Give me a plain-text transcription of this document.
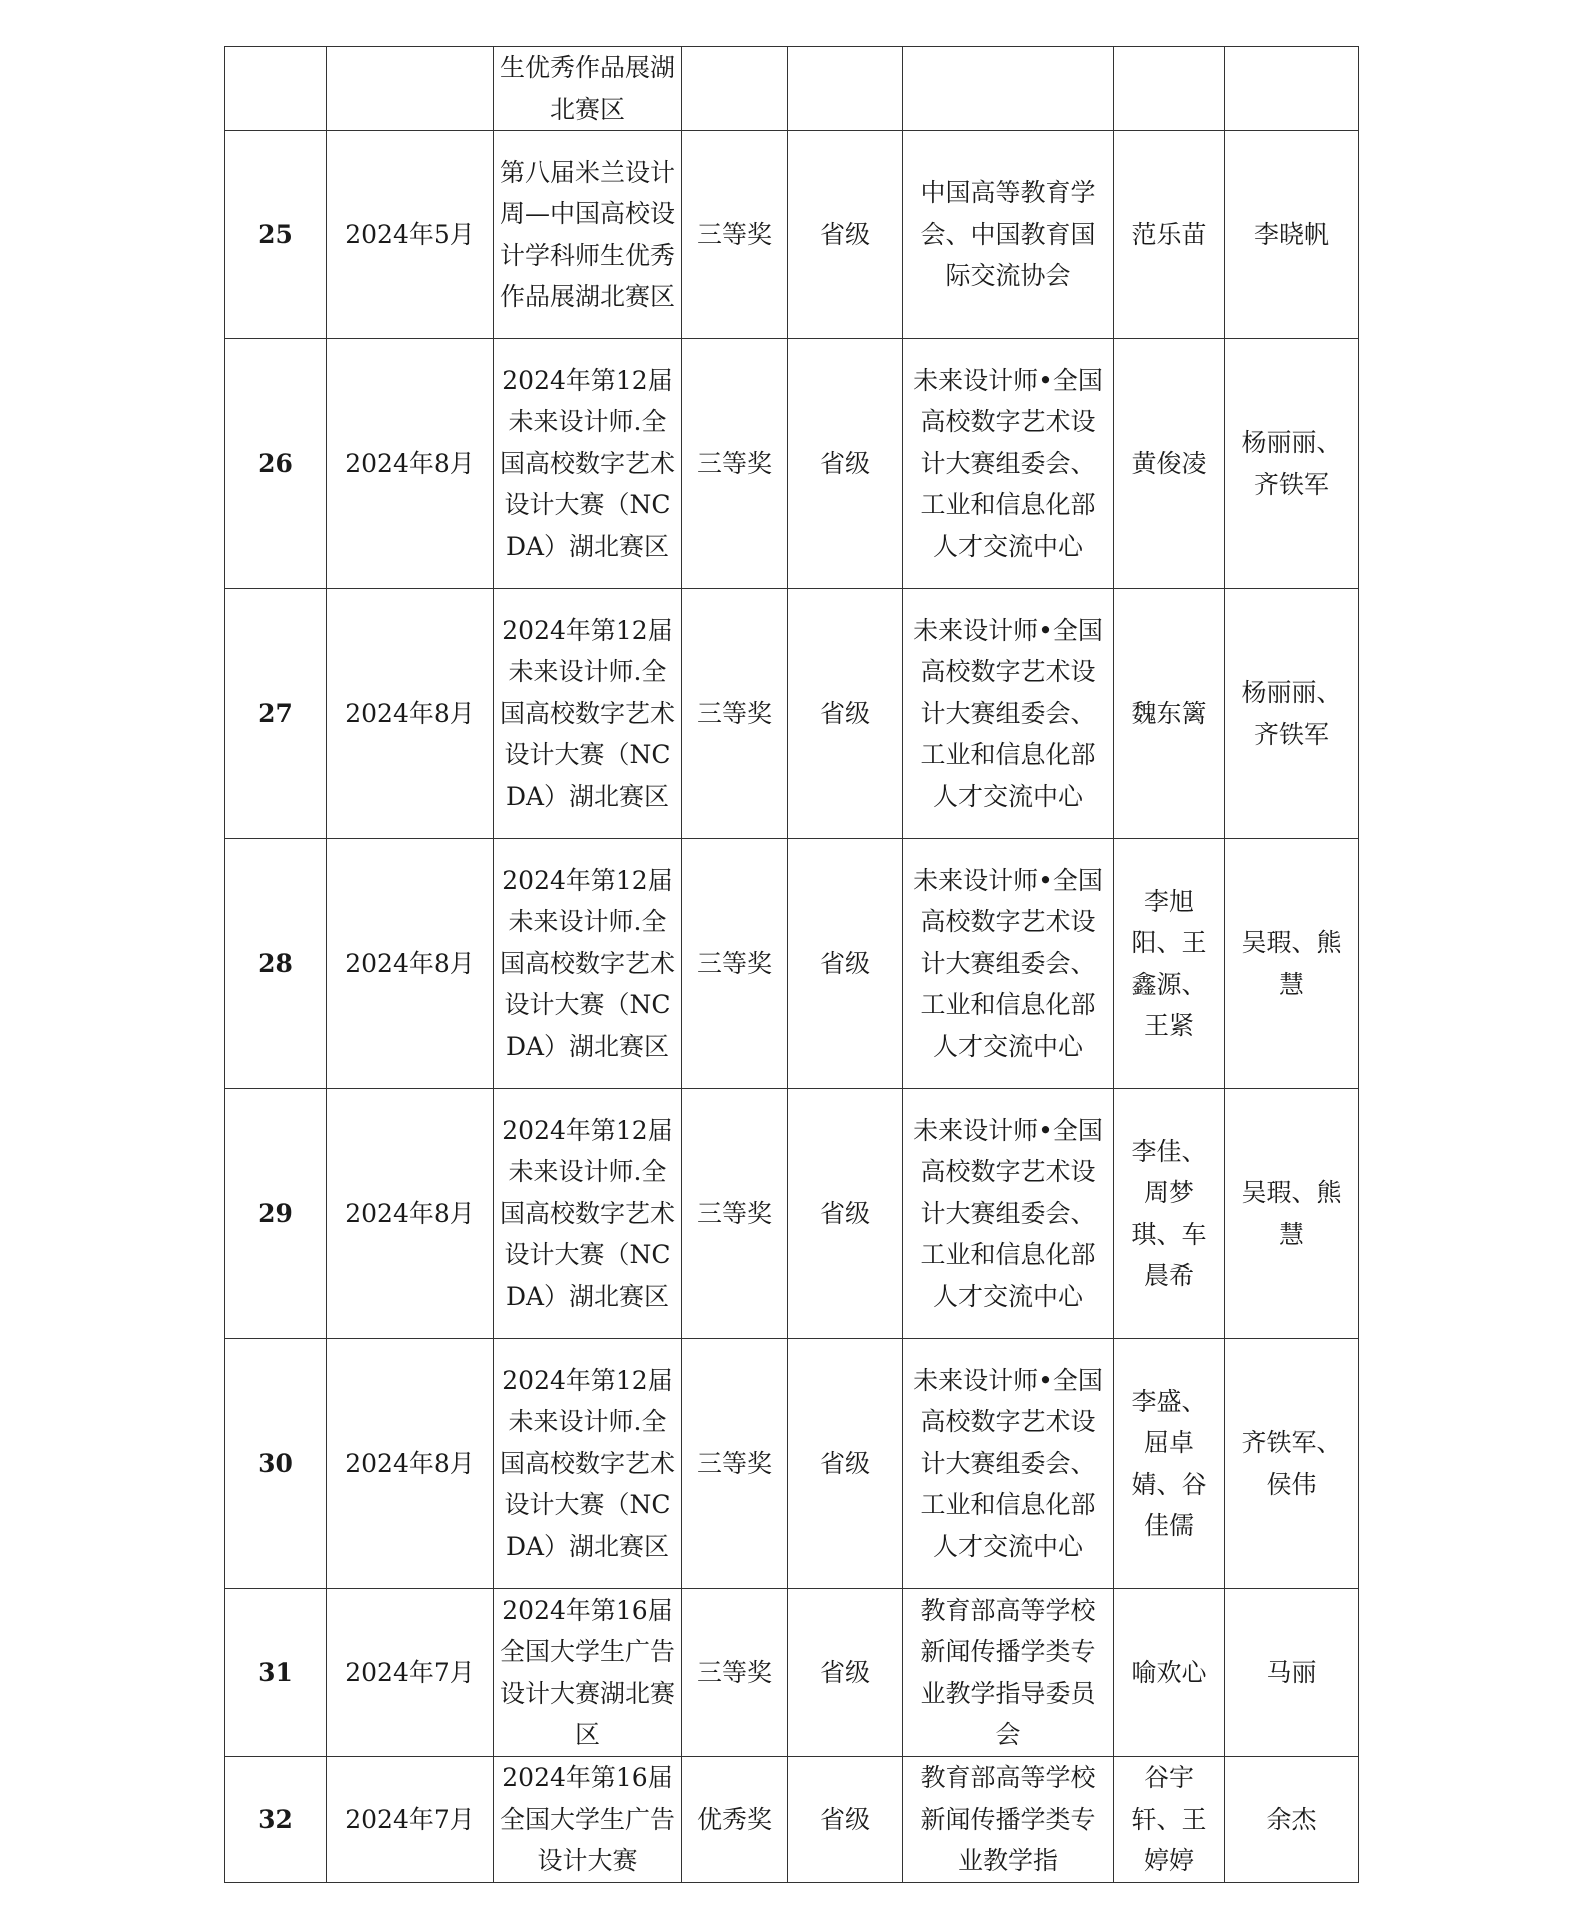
		生优秀作品展湖北赛区					
25	2024年5月	第八届米兰设计周—中国高校设计学科师生优秀作品展湖北赛区	三等奖	省级	中国高等教育学会、中国教育国际交流协会	范乐苗	李晓帆
26	2024年8月	2024年第12届未来设计师.全国高校数字艺术设计大赛（NCDA）湖北赛区	三等奖	省级	未来设计师•全国高校数字艺术设计大赛组委会、工业和信息化部人才交流中心	黄俊凌	杨丽丽、齐铁军
27	2024年8月	2024年第12届未来设计师.全国高校数字艺术设计大赛（NCDA）湖北赛区	三等奖	省级	未来设计师•全国高校数字艺术设计大赛组委会、工业和信息化部人才交流中心	魏东篱	杨丽丽、齐铁军
28	2024年8月	2024年第12届未来设计师.全国高校数字艺术设计大赛（NCDA）湖北赛区	三等奖	省级	未来设计师•全国高校数字艺术设计大赛组委会、工业和信息化部人才交流中心	李旭阳、王鑫源、王紧	吴瑕、熊慧
29	2024年8月	2024年第12届未来设计师.全国高校数字艺术设计大赛（NCDA）湖北赛区	三等奖	省级	未来设计师•全国高校数字艺术设计大赛组委会、工业和信息化部人才交流中心	李佳、周梦琪、车晨希	吴瑕、熊慧
30	2024年8月	2024年第12届未来设计师.全国高校数字艺术设计大赛（NCDA）湖北赛区	三等奖	省级	未来设计师•全国高校数字艺术设计大赛组委会、工业和信息化部人才交流中心	李盛、屈卓婧、谷佳儒	齐铁军、侯伟
31	2024年7月	2024年第16届全国大学生广告设计大赛湖北赛区	三等奖	省级	教育部高等学校新闻传播学类专业教学指导委员会	喻欢心	马丽
32	2024年7月	2024年第16届全国大学生广告设计大赛	优秀奖	省级	教育部高等学校新闻传播学类专业教学指	谷宇轩、王婷婷	余杰
